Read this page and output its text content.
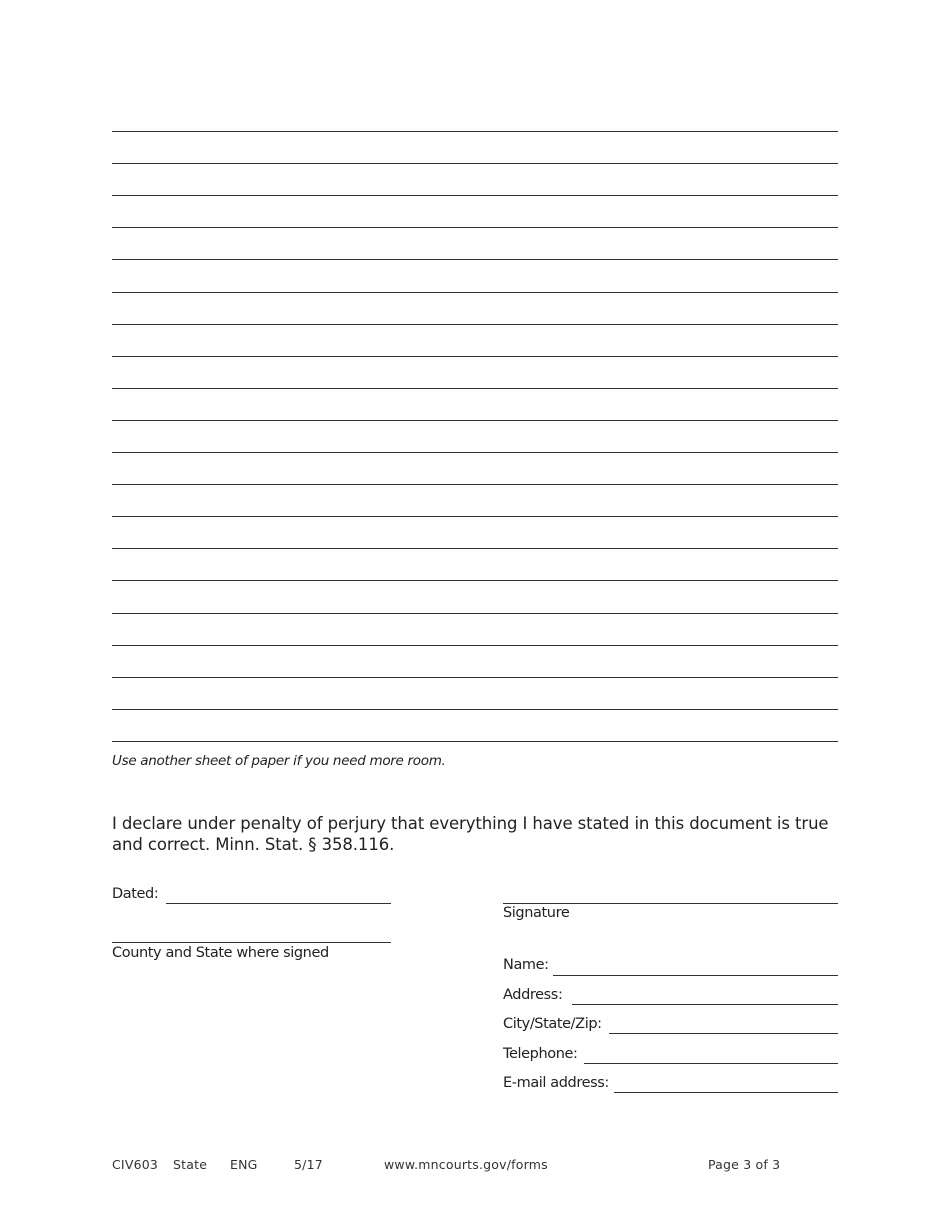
Use another sheet of paper if you need more room.
I declare under penalty of perjury that everything I have stated in this document is true and correct. Minn. Stat. § 358.116.
Dated:
County and State where signed
Signature
Name:
Address:
City/State/Zip:
Telephone:
E-mail address:
CIV603 State ENG	5/17	www.mncourts.gov/forms	Page 3 of 3
